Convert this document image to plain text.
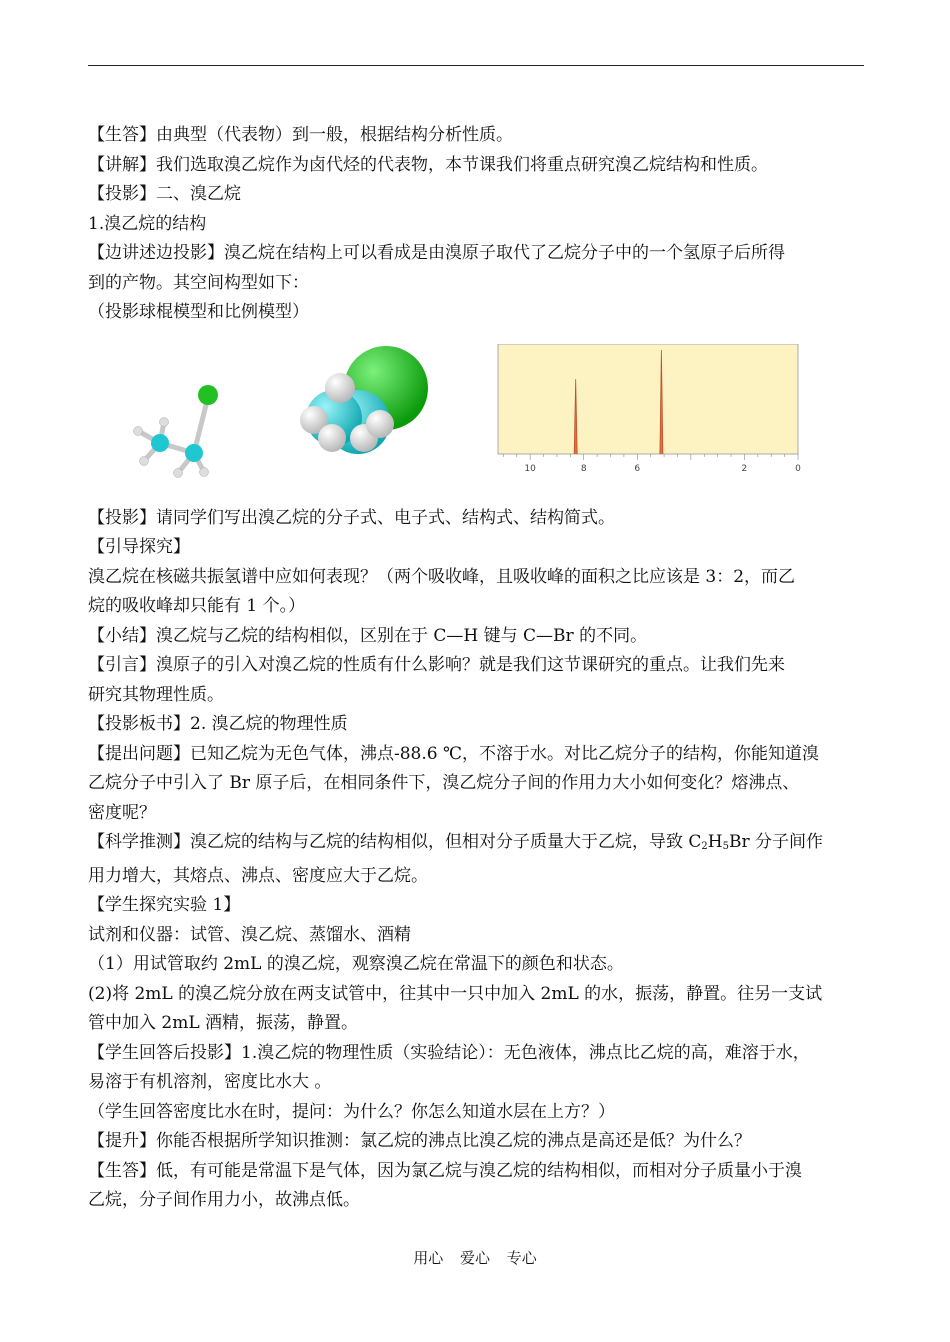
【生答】由典型（代表物）到一般，根据结构分析性质。

【讲解】我们选取溴乙烷作为卤代烃的代表物，本节课我们将重点研究溴乙烷结构和性质。

【投影】二、溴乙烷

1.溴乙烷的结构

【边讲述边投影】溴乙烷在结构上可以看成是由溴原子取代了乙烷分子中的一个氢原子后所得

到的产物。其空间构型如下：

（投影球棍模型和比例模型）

10	8	6	2	0

【投影】请同学们写出溴乙烷的分子式、电子式、结构式、结构简式。

【引导探究】

溴乙烷在核磁共振氢谱中应如何表现？（两个吸收峰，且吸收峰的面积之比应该是 3：2，而乙

烷的吸收峰却只能有 1 个。）

【小结】溴乙烷与乙烷的结构相似，区别在于 C—H 键与 C—Br 的不同。

【引言】溴原子的引入对溴乙烷的性质有什么影响？就是我们这节课研究的重点。让我们先来

研究其物理性质。

【投影板书】2. 溴乙烷的物理性质

【提出问题】已知乙烷为无色气体，沸点-88.6 ℃，不溶于水。对比乙烷分子的结构，你能知道溴

乙烷分子中引入了 Br 原子后，在相同条件下，溴乙烷分子间的作用力大小如何变化？熔沸点、

密度呢？

【科学推测】溴乙烷的结构与乙烷的结构相似，但相对分子质量大于乙烷，导致 $C_2H_5Br$ 分子间作

用力增大，其熔点、沸点、密度应大于乙烷。

【学生探究实验 1】

试剂和仪器：试管、溴乙烷、蒸馏水、酒精

（1）用试管取约 2mL 的溴乙烷，观察溴乙烷在常温下的颜色和状态。

(2)将 2mL 的溴乙烷分放在两支试管中，往其中一只中加入 2mL 的水，振荡，静置。往另一支试

管中加入 2mL 酒精，振荡，静置。

【学生回答后投影】1.溴乙烷的物理性质（实验结论）：无色液体，沸点比乙烷的高，难溶于水，

易溶于有机溶剂，密度比水大 。

（学生回答密度比水在时，提问：为什么？你怎么知道水层在上方？）

【提升】你能否根据所学知识推测：氯乙烷的沸点比溴乙烷的沸点是高还是低？为什么？

【生答】低，有可能是常温下是气体，因为氯乙烷与溴乙烷的结构相似，而相对分子质量小于溴

乙烷，分子间作用力小，故沸点低。

用心 爱心 专心
